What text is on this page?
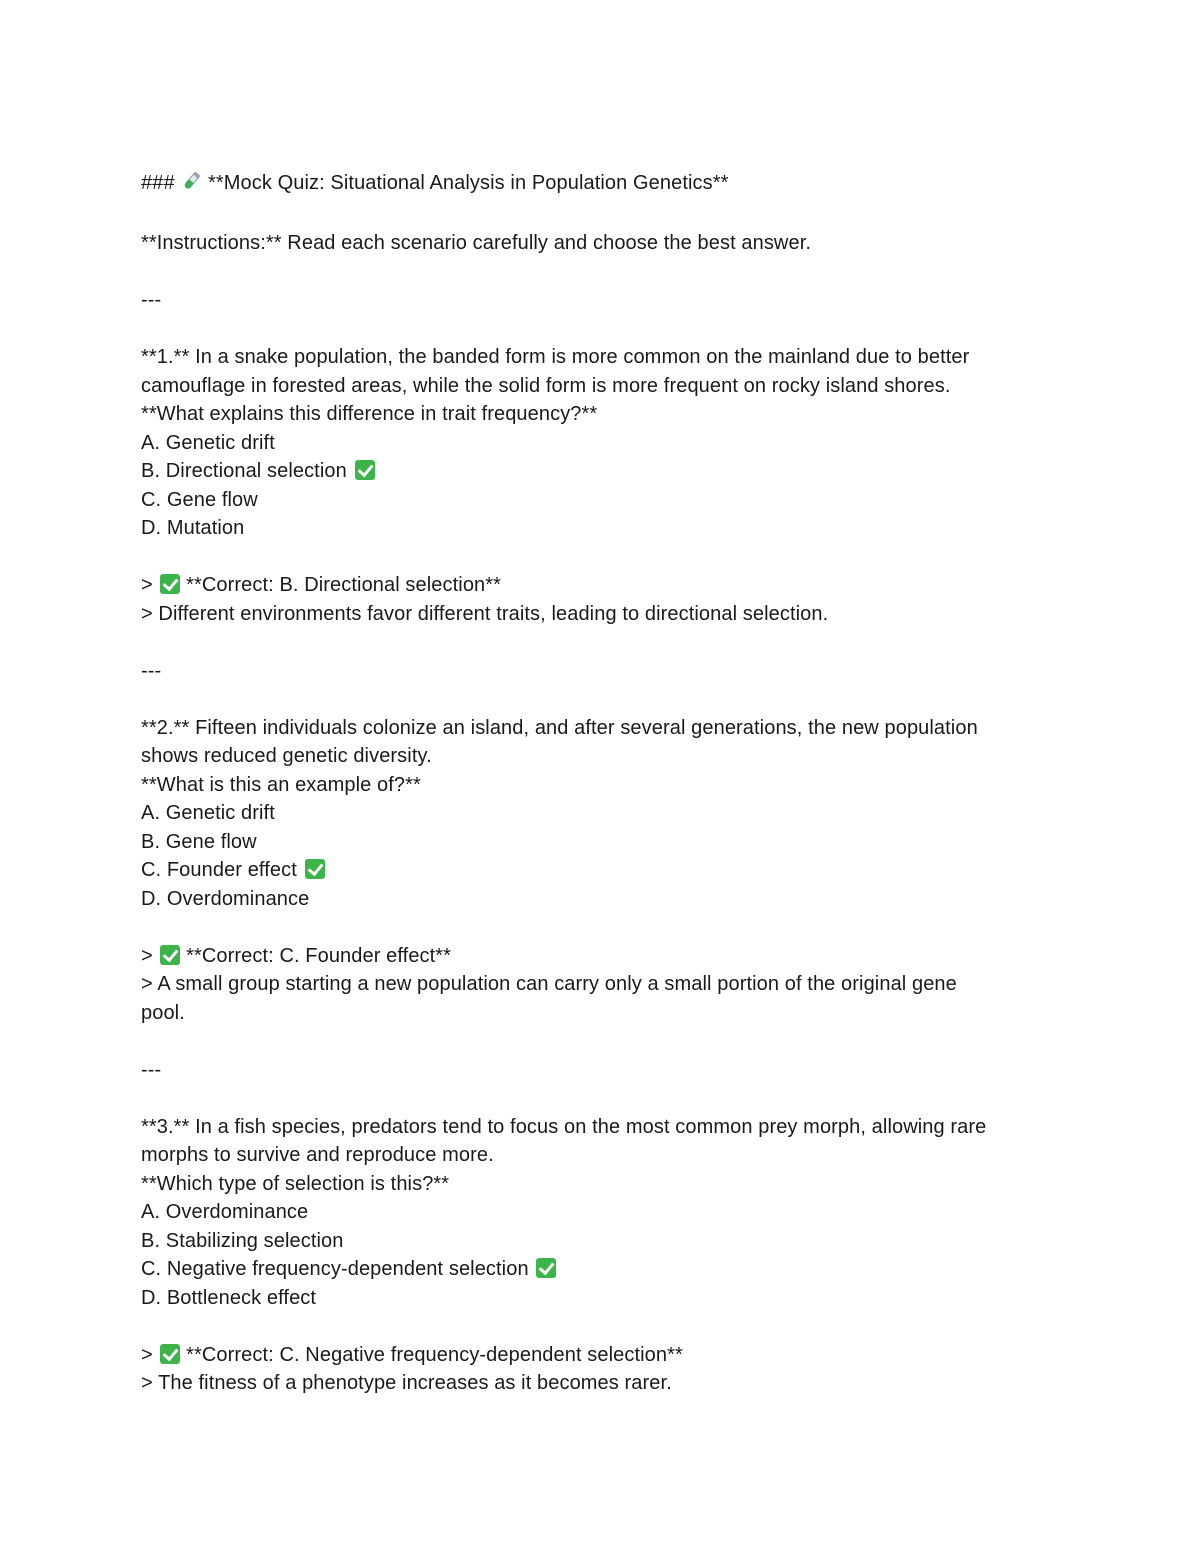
###  **Mock Quiz: Situational Analysis in Population Genetics**
**Instructions:** Read each scenario carefully and choose the best answer.
---
**1.** In a snake population, the banded form is more common on the mainland due to better
camouflage in forested areas, while the solid form is more frequent on rocky island shores.
**What explains this difference in trait frequency?**
A. Genetic drift
B. Directional selection
C. Gene flow
D. Mutation
>  **Correct: B. Directional selection**
> Different environments favor different traits, leading to directional selection.
---
**2.** Fifteen individuals colonize an island, and after several generations, the new population
shows reduced genetic diversity.
**What is this an example of?**
A. Genetic drift
B. Gene flow
C. Founder effect
D. Overdominance
>  **Correct: C. Founder effect**
> A small group starting a new population can carry only a small portion of the original gene
pool.
---
**3.** In a fish species, predators tend to focus on the most common prey morph, allowing rare
morphs to survive and reproduce more.
**Which type of selection is this?**
A. Overdominance
B. Stabilizing selection
C. Negative frequency-dependent selection
D. Bottleneck effect
>  **Correct: C. Negative frequency-dependent selection**
> The fitness of a phenotype increases as it becomes rarer.
